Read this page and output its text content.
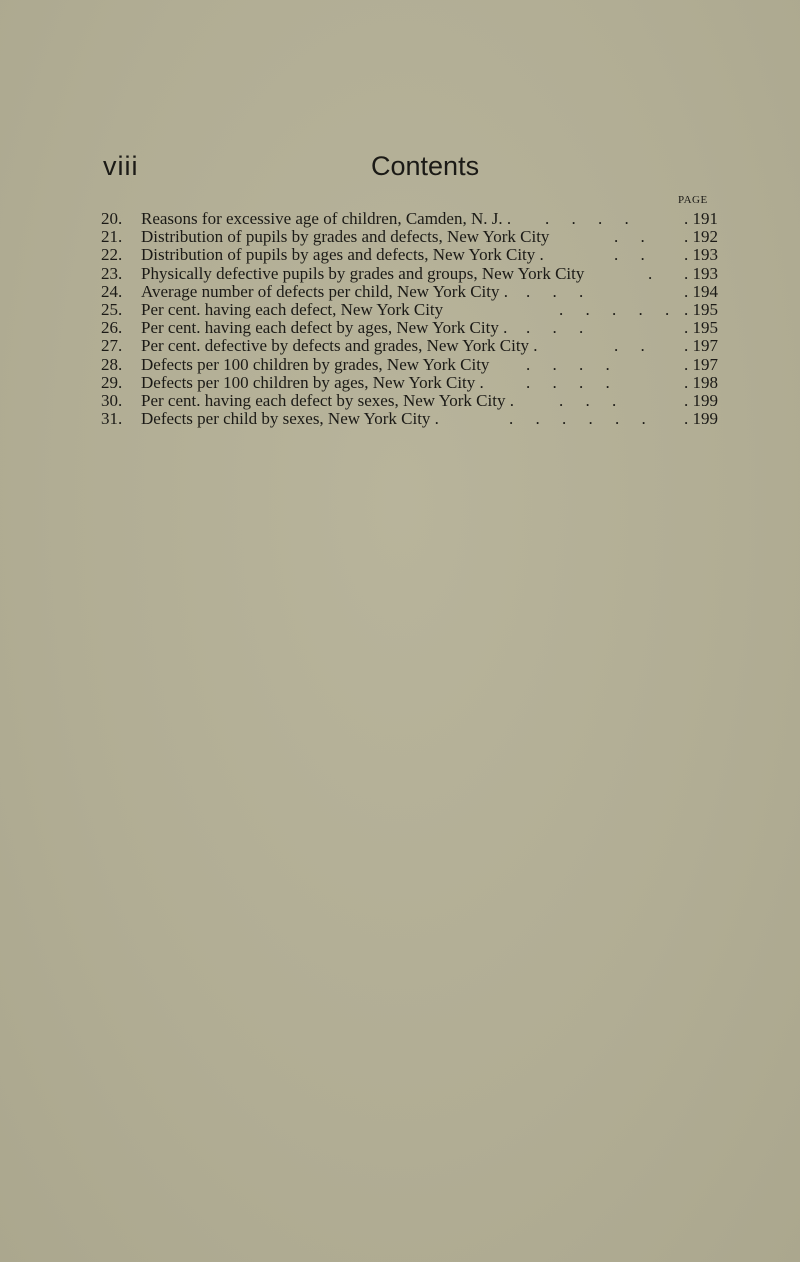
viii	Contents
PAGE
20. Reasons for excessive age of children, Camden, N. J. . . . . .	. 191
21. Distribution of pupils by grades and defects, New York City	. . . 192
22. Distribution of pupils by ages and defects, New York City .	. . . 193
23. Physically defective pupils by grades and groups, New York City	. . 193
24. Average number of defects per child, New York City . . . .	. 194
25. Per cent. having each defect, New York City	. . . . . . 195
26. Per cent. having each defect by ages, New York City . . . .	. 195
27. Per cent. defective by defects and grades, New York City .	. . . 197
28. Defects per 100 children by grades, New York City . . . .	. 197
29. Defects per 100 children by ages, New York City . . . . .	. 198
30. Per cent. having each defect by sexes, New York City .	. . .	. 199
31. Defects per child by sexes, New York City .	. . . . . . . 199
